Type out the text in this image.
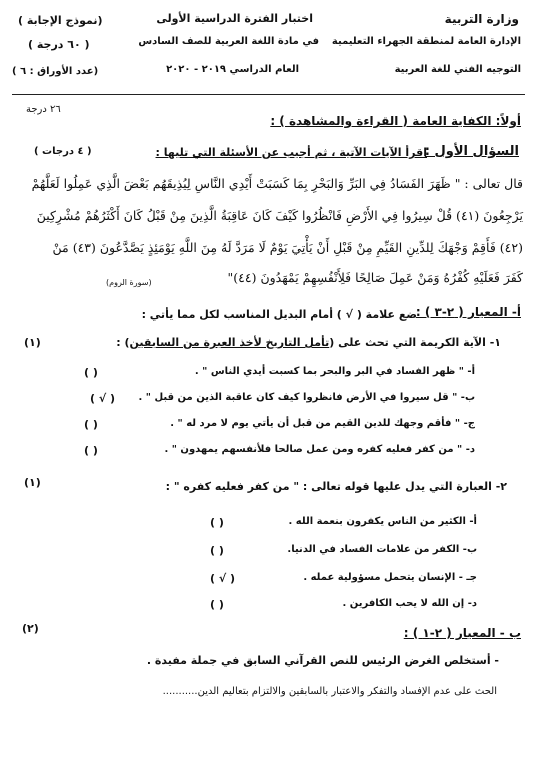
وزارة التربية
الإدارة العامة لمنطقة الجهراء التعليمية
التوجيه الفني للغة العربية
اختبار الفترة الدراسية الأولى
في مادة اللغة العربية للصف السادس
العام الدراسي ٢٠١٩ - ٢٠٢٠
(نموذج الإجابة )
( ٦٠ درجة )
(عدد الأوراق : ٦ )
٢٦ درجة
أولاً: الكفاية العامة ( القراءة والمشاهدة ) :
السؤال الأول :
اقرأ الآيات الآتية ، ثم أجيب عن الأسئلة التي تليها :
( ٤ درجات )
قال تعالى : " ظَهَرَ الفَسَادُ فِي البَرِّ وَالبَحْرِ بِمَا كَسَبَتْ أَيْدِي النَّاسِ لِيُذِيقَهُم بَعْضَ الَّذِي عَمِلُوا لَعَلَّهُمْ
يَرْجِعُونَ (٤١) قُلْ سِيرُوا فِي الأَرْضِ فَانْظُرُوا كَيْفَ كَانَ عَاقِبَةُ الَّذِينَ مِنْ قَبْلُ كَانَ أَكْثَرُهُمْ مُشْرِكِينَ
(٤٢) فَأَقِمْ وَجْهَكَ لِلدِّينِ القَيِّمِ مِنْ قَبْلِ أَنْ يَأْتِيَ يَوْمٌ لَا مَرَدَّ لَهُ مِنَ اللَّهِ يَوْمَئِذٍ يَصَّدَّعُونَ (٤٣) مَنْ
كَفَرَ فَعَلَيْهِ كُفْرُهُ وَمَنْ عَمِلَ صَالِحًا فَلِأَنْفُسِهِمْ يَمْهَدُونَ (٤٤)"
(سورة الروم)
أ- المعيار ( ٢-٣ ) :
ضع علامة ( √ ) أمام البديل المناسب لكل مما يأتي :
١- الآية الكريمة التي تحث على (تأمل التاريخ لأخذ العبرة من السابقين) :
(١)
أ- " ظهر الفساد في البر والبحر بما كسبت أيدي الناس " .
( )
ب- " قل سيروا في الأرض فانظروا كيف كان عاقبة الذين من قبل " .
( √ )
ج- " فأقم وجهك للدين القيم من قبل أن يأتي يوم لا مرد له " .
( )
د- " من كفر فعليه كفره ومن عمل صالحا فلأنفسهم يمهدون " .
( )
٢- العبارة التي يدل عليها قوله تعالى : " من كفر فعليه كفره " :
(١)
أ- الكثير من الناس يكفرون بنعمة الله .
( )
ب- الكفر من علامات الفساد في الدنيا.
( )
جـ - الإنسان يتحمل مسؤولية عمله .
( √ )
د- إن الله لا يحب الكافرين .
( )
ب - المعيار ( ٢-١ ) :
(٢)
- أستخلص الغرض الرئيس للنص القرآني السابق في جملة مفيدة .
الحث على عدم الإفساد والتفكر والاعتبار بالسابقين والالتزام بتعاليم الدين...........
